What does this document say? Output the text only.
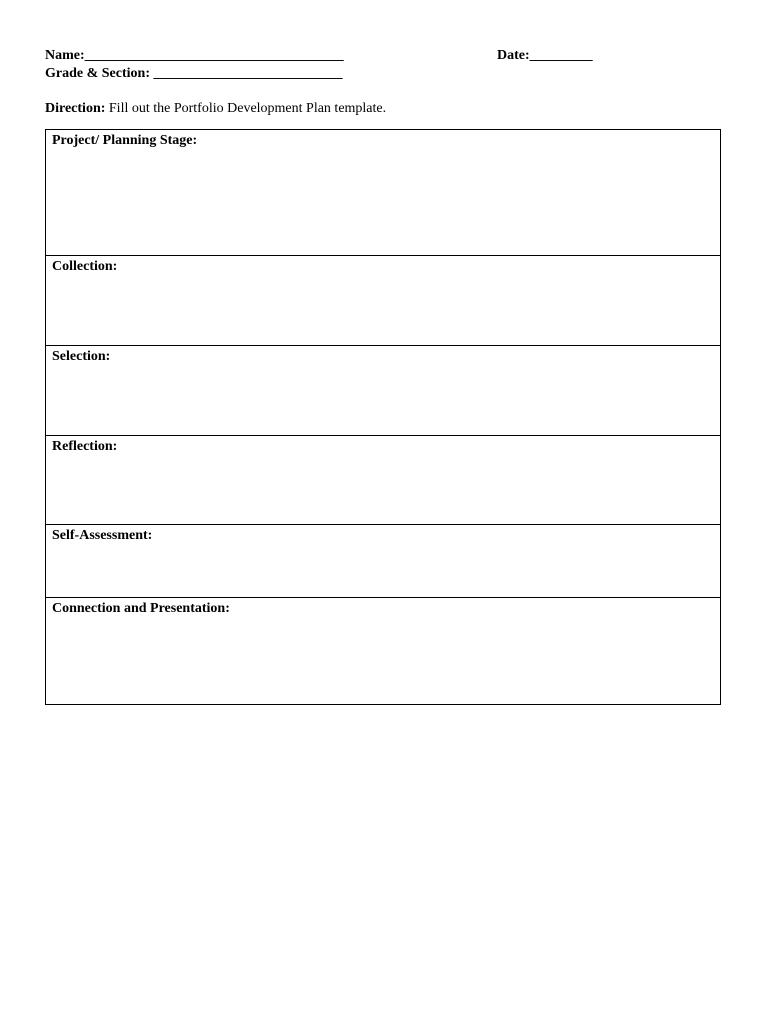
Name:_____________________________________	Date:_________
Grade & Section: ___________________________
Direction: Fill out the Portfolio Development Plan template.
Project/ Planning Stage:
Collection:
Selection:
Reflection:
Self-Assessment:
Connection and Presentation:
